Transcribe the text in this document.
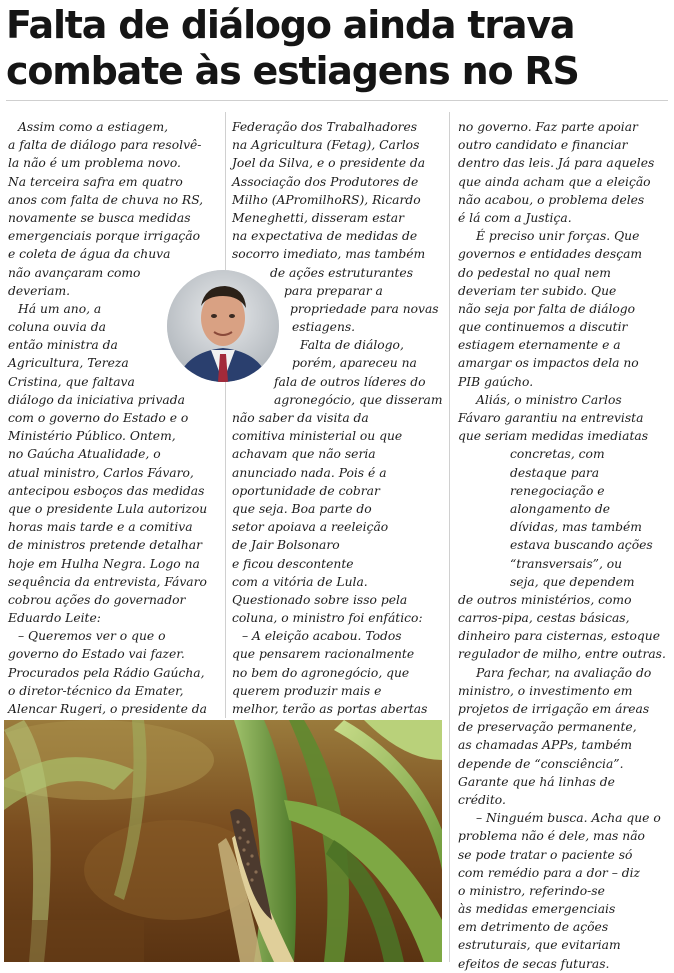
Falta de diálogo ainda trava
combate às estiagens no RS
Assim como a estiagem,
a falta de diálogo para resolvê-
la não é um problema novo.
Na terceira safra em quatro
anos com falta de chuva no RS,
novamente se busca medidas
emergenciais porque irrigação
e coleta de água da chuva
não avançaram como
deveriam.
Há um ano, a
coluna ouvia da
então ministra da
Agricultura, Tereza
Cristina, que faltava
diálogo da iniciativa privada
com o governo do Estado e o
Ministério Público. Ontem,
no Gaúcha Atualidade, o
atual ministro, Carlos Fávaro,
antecipou esboços das medidas
que o presidente Lula autorizou
horas mais tarde e a comitiva
de ministros pretende detalhar
hoje em Hulha Negra. Logo na
sequência da entrevista, Fávaro
cobrou ações do governador
Eduardo Leite:
– Queremos ver o que o
governo do Estado vai fazer.
Procurados pela Rádio Gaúcha,
o diretor-técnico da Emater,
Alencar Rugeri, o presidente da
Federação dos Trabalhadores
na Agricultura (Fetag), Carlos
Joel da Silva, e o presidente da
Associação dos Produtores de
Milho (APromilhoRS), Ricardo
Meneghetti, disseram estar
na expectativa de medidas de
socorro imediato, mas também
de ações estruturantes
para preparar a
propriedade para novas
estiagens.
Falta de diálogo,
porém, apareceu na
fala de outros líderes do
agronegócio, que disseram
não saber da visita da
comitiva ministerial ou que
achavam que não seria
anunciado nada. Pois é a
oportunidade de cobrar
que seja. Boa parte do
setor apoiava a reeleição
de Jair Bolsonaro
e ficou descontente
com a vitória de Lula.
Questionado sobre isso pela
coluna, o ministro foi enfático:
– A eleição acabou. Todos
que pensarem racionalmente
no bem do agronegócio, que
querem produzir mais e
melhor, terão as portas abertas
no governo. Faz parte apoiar
outro candidato e financiar
dentro das leis. Já para aqueles
que ainda acham que a eleição
não acabou, o problema deles
é lá com a Justiça.
É preciso unir forças. Que
governos e entidades desçam
do pedestal no qual nem
deveriam ter subido. Que
não seja por falta de diálogo
que continuemos a discutir
estiagem eternamente e a
amargar os impactos dela no
PIB gaúcho.
Aliás, o ministro Carlos
Fávaro garantiu na entrevista
que seriam medidas imediatas
concretas, com
destaque para
renegociação e
alongamento de
dívidas, mas também
estava buscando ações
“transversais”, ou
seja, que dependem
de outros ministérios, como
carros-pipa, cestas básicas,
dinheiro para cisternas, estoque
regulador de milho, entre outras.
Para fechar, na avaliação do
ministro, o investimento em
projetos de irrigação em áreas
de preservação permanente,
as chamadas APPs, também
depende de “consciência”.
Garante que há linhas de
crédito.
– Ninguém busca. Acha que o
problema não é dele, mas não
se pode tratar o paciente só
com remédio para a dor – diz
o ministro, referindo-se
às medidas emergenciais
em detrimento de ações
estruturais, que evitariam
efeitos de secas futuras.
